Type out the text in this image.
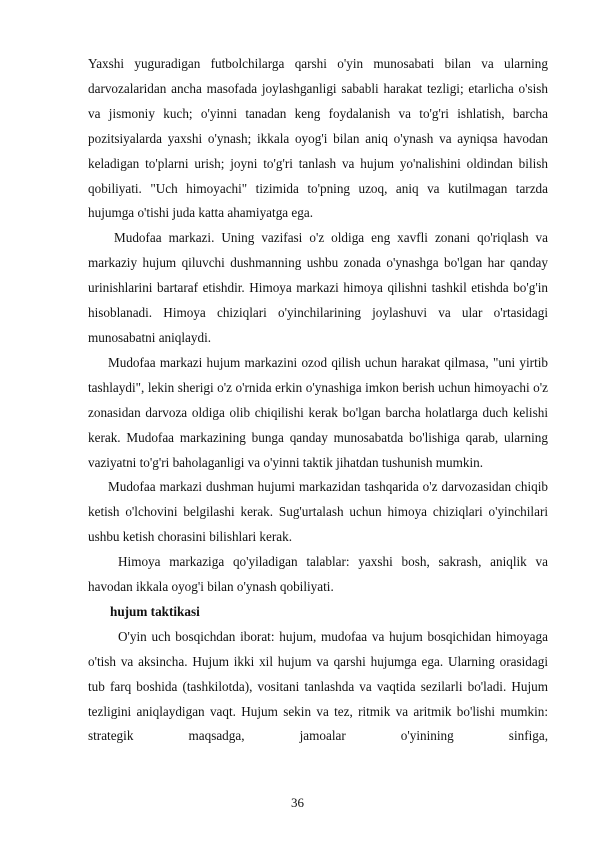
Yaxshi yuguradigan futbolchilarga qarshi o'yin munosabati bilan va ularning darvozalaridan ancha masofada joylashganligi sababli harakat tezligi; etarlicha o'sish va jismoniy kuch; o'yinni tanadan keng foydalanish va to'g'ri ishlatish, barcha pozitsiyalarda yaxshi o'ynash; ikkala oyog'i bilan aniq o'ynash va ayniqsa havodan keladigan to'plarni urish; joyni to'g'ri tanlash va hujum yo'nalishini oldindan bilish qobiliyati. "Uch himoyachi" tizimida to'pning uzoq, aniq va kutilmagan tarzda hujumga o'tishi juda katta ahamiyatga ega.

Mudofaa markazi. Uning vazifasi o'z oldiga eng xavfli zonani qo'riqlash va markaziy hujum qiluvchi dushmanning ushbu zonada o'ynashga bo'lgan har qanday urinishlarini bartaraf etishdir. Himoya markazi himoya qilishni tashkil etishda bo'g'in hisoblanadi. Himoya chiziqlari o'yinchilarining joylashuvi va ular o'rtasidagi munosabatni aniqlaydi.

Mudofaa markazi hujum markazini ozod qilish uchun harakat qilmasa, "uni yirtib tashlaydi", lekin sherigi o'z o'rnida erkin o'ynashiga imkon berish uchun himoyachi o'z zonasidan darvoza oldiga olib chiqilishi kerak bo'lgan barcha holatlarga duch kelishi kerak. Mudofaa markazining bunga qanday munosabatda bo'lishiga qarab, ularning vaziyatni to'g'ri baholaganligi va o'yinni taktik jihatdan tushunish mumkin.

Mudofaa markazi dushman hujumi markazidan tashqarida o'z darvozasidan chiqib ketish o'lchovini belgilashi kerak. Sug'urtalash uchun himoya chiziqlari o'yinchilari ushbu ketish chorasini bilishlari kerak.

Himoya markaziga qo'yiladigan talablar: yaxshi bosh, sakrash, aniqlik va havodan ikkala oyog'i bilan o'ynash qobiliyati.

hujum taktikasi

O'yin uch bosqichdan iborat: hujum, mudofaa va hujum bosqichidan himoyaga o'tish va aksincha. Hujum ikki xil hujum va qarshi hujumga ega. Ularning orasidagi tub farq boshida (tashkilotda), vositani tanlashda va vaqtida sezilarli bo'ladi. Hujum tezligini aniqlaydigan vaqt. Hujum sekin va tez, ritmik va aritmik bo'lishi mumkin: strategik maqsadga, jamoalar o'yinining sinfiga,

36
